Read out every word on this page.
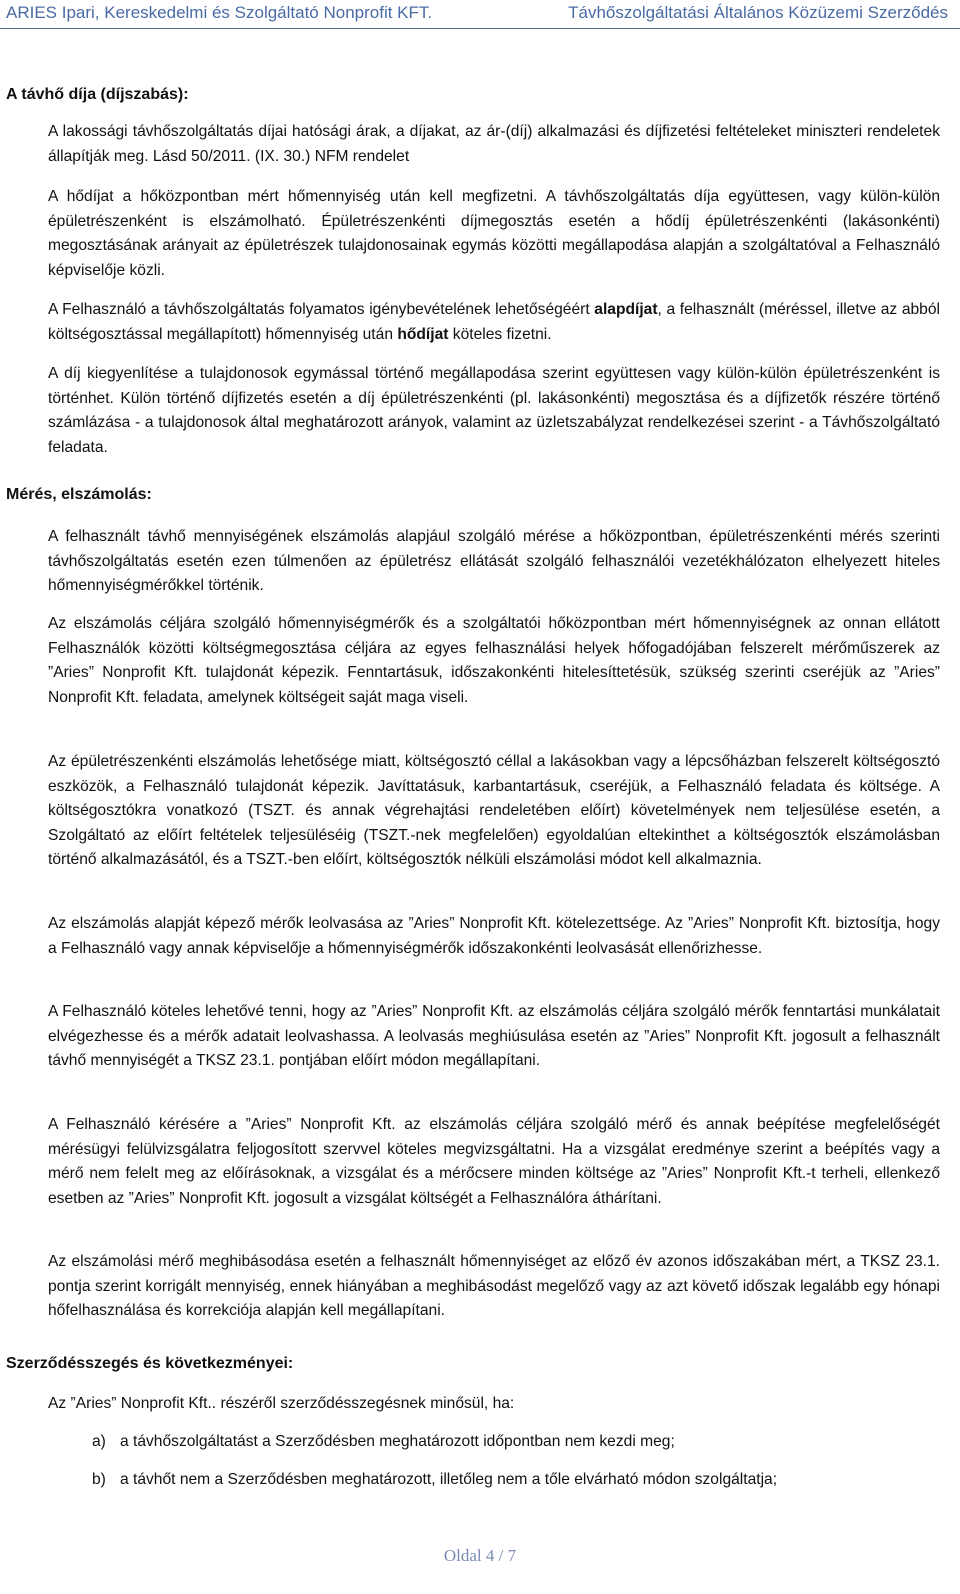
ARIES Ipari, Kereskedelmi és Szolgáltató Nonprofit KFT.	Távhőszolgáltatási Általános Közüzemi Szerződés
A távhő díja (díjszabás):

A lakossági távhőszolgáltatás díjai hatósági árak, a díjakat, az ár-(díj) alkalmazási és díjfizetési feltételeket miniszteri rendeletek állapítják meg. Lásd 50/2011. (IX. 30.) NFM rendelet

A hődíjat a hőközpontban mért hőmennyiség után kell megfizetni. A távhőszolgáltatás díja együttesen, vagy külön-külön épületrészenként is elszámolható. Épületrészenkénti díjmegosztás esetén a hődíj épületrészenkénti (lakásonkénti) megosztásának arányait az épületrészek tulajdonosainak egymás közötti megállapodása alapján a szolgáltatóval a Felhasználó képviselője közli.

A Felhasználó a távhőszolgáltatás folyamatos igénybevételének lehetőségéért alapdíjat, a felhasznált (méréssel, illetve az abból költségosztással megállapított) hőmennyiség után hődíjat köteles fizetni.

A díj kiegyenlítése a tulajdonosok egymással történő megállapodása szerint együttesen vagy külön-külön épületrészenként is történhet. Külön történő díjfizetés esetén a díj épületrészenkénti (pl. lakásonkénti) megosztása és a díjfizetők részére történő számlázása - a tulajdonosok által meghatározott arányok, valamint az üzletszabályzat rendelkezései szerint - a Távhőszolgáltató feladata.

Mérés, elszámolás:

A felhasznált távhő mennyiségének elszámolás alapjául szolgáló mérése a hőközpontban, épületrészenkénti mérés szerinti távhőszolgáltatás esetén ezen túlmenően az épületrész ellátását szolgáló felhasználói vezetékhálózaton elhelyezett hiteles hőmennyiségmérőkkel történik.

Az elszámolás céljára szolgáló hőmennyiségmérők és a szolgáltatói hőközpontban mért hőmennyiségnek az onnan ellátott Felhasználók közötti költségmegosztása céljára az egyes felhasználási helyek hőfogadójában felszerelt mérőműszerek az ”Aries” Nonprofit Kft. tulajdonát képezik. Fenntartásuk, időszakonkénti hitelesíttetésük, szükség szerinti cseréjük az ”Aries” Nonprofit Kft. feladata, amelynek költségeit saját maga viseli.

Az épületrészenkénti elszámolás lehetősége miatt, költségosztó céllal a lakásokban vagy a lépcsőházban felszerelt költségosztó eszközök, a Felhasználó tulajdonát képezik. Javíttatásuk, karbantartásuk, cseréjük, a Felhasználó feladata és költsége. A költségosztókra vonatkozó (TSZT. és annak végrehajtási rendeletében előírt) követelmények nem teljesülése esetén, a Szolgáltató az előírt feltételek teljesüléséig (TSZT.-nek megfelelően) egyoldalúan eltekinthet a költségosztók elszámolásban történő alkalmazásától, és a TSZT.-ben előírt, költségosztók nélküli elszámolási módot kell alkalmaznia.

Az elszámolás alapját képező mérők leolvasása az ”Aries” Nonprofit Kft. kötelezettsége. Az ”Aries” Nonprofit Kft. biztosítja, hogy a Felhasználó vagy annak képviselője a hőmennyiségmérők időszakonkénti leolvasását ellenőrizhesse.

A Felhasználó köteles lehetővé tenni, hogy az ”Aries” Nonprofit Kft. az elszámolás céljára szolgáló mérők fenntartási munkálatait elvégezhesse és a mérők adatait leolvashassa. A leolvasás meghiúsulása esetén az ”Aries” Nonprofit Kft. jogosult a felhasznált távhő mennyiségét a TKSZ 23.1. pontjában előírt módon megállapítani.

A Felhasználó kérésére a ”Aries” Nonprofit Kft. az elszámolás céljára szolgáló mérő és annak beépítése megfelelőségét mérésügyi felülvizsgálatra feljogosított szervvel köteles megvizsgáltatni. Ha a vizsgálat eredménye szerint a beépítés vagy a mérő nem felelt meg az előírásoknak, a vizsgálat és a mérőcsere minden költsége az ”Aries” Nonprofit Kft.-t terheli, ellenkező esetben az ”Aries” Nonprofit Kft. jogosult a vizsgálat költségét a Felhasználóra áthárítani.

Az elszámolási mérő meghibásodása esetén a felhasznált hőmennyiséget az előző év azonos időszakában mért, a TKSZ 23.1. pontja szerint korrigált mennyiség, ennek hiányában a meghibásodást megelőző vagy az azt követő időszak legalább egy hónapi hőfelhasználása és korrekciója alapján kell megállapítani.

Szerződésszegés és következményei:

Az ”Aries” Nonprofit Kft.. részéről szerződésszegésnek minősül, ha:

a) a távhőszolgáltatást a Szerződésben meghatározott időpontban nem kezdi meg;
b) a távhőt nem a Szerződésben meghatározott, illetőleg nem a tőle elvárható módon szolgáltatja;
Oldal 4 / 7
